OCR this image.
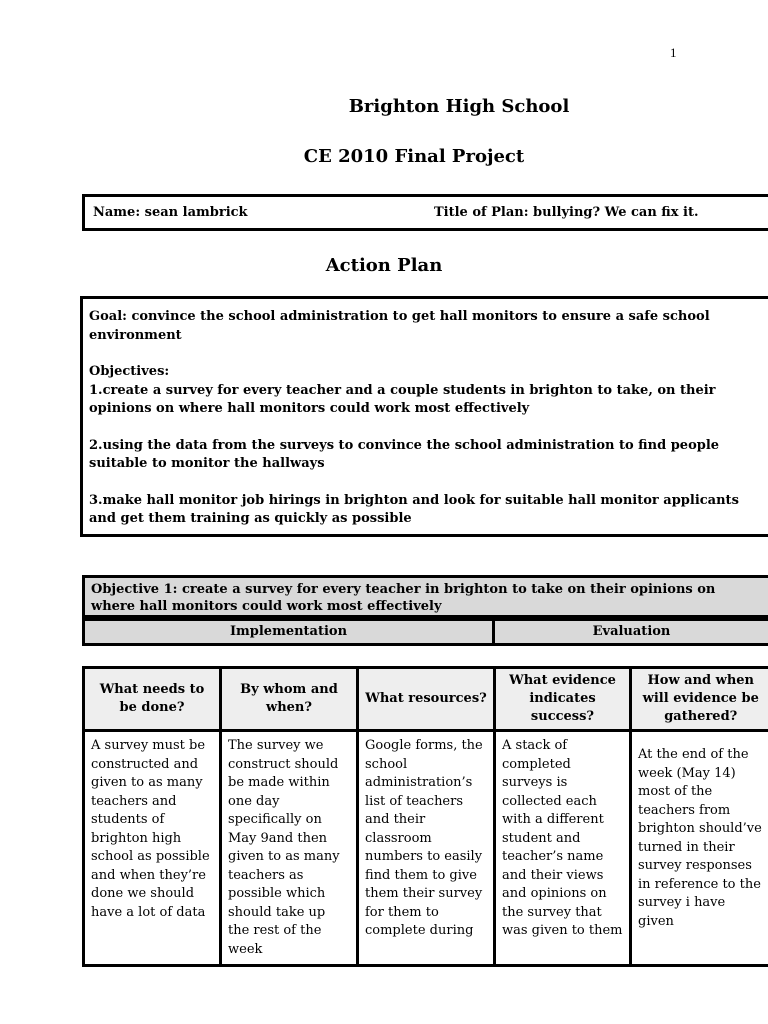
1
Brighton High School
CE 2010 Final Project
Name: sean lambrick	Title of Plan: bullying? We can fix it.
Action Plan

Goal: convince the school administration to get hall monitors to ensure a safe school environment

Objectives:

1.create a survey for every teacher and a couple students in brighton to take, on their opinions on where hall monitors could work most effectively

2.using the data from the surveys to convince the school administration to find people suitable to monitor the hallways

3.make hall monitor job hirings in brighton and look for suitable hall monitor applicants and get them training as quickly as possible

Objective 1: create a survey for every teacher in brighton to take on their opinions on where hall monitors could work most effectively
Implementation	Evaluation
What needs to be done?	By whom and when?	What resources?	What evidence indicates success?	How and when will evidence be gathered?
A survey must be constructed and given to as many teachers and students of brighton high school as possible and when they’re done we should have a lot of data	The survey we construct should be made within one day specifically on May 9and then given to as many teachers as possible which should take up the rest of the week	Google forms, the school administration’s list of teachers and their classroom numbers to easily find them to give them their survey for them to complete during	A stack of completed surveys is collected each with a different student and teacher’s name and their views and opinions on the survey that was given to them	At the end of the week (May 14) most of the teachers from brighton should’ve turned in their survey responses in reference to the survey i have given
